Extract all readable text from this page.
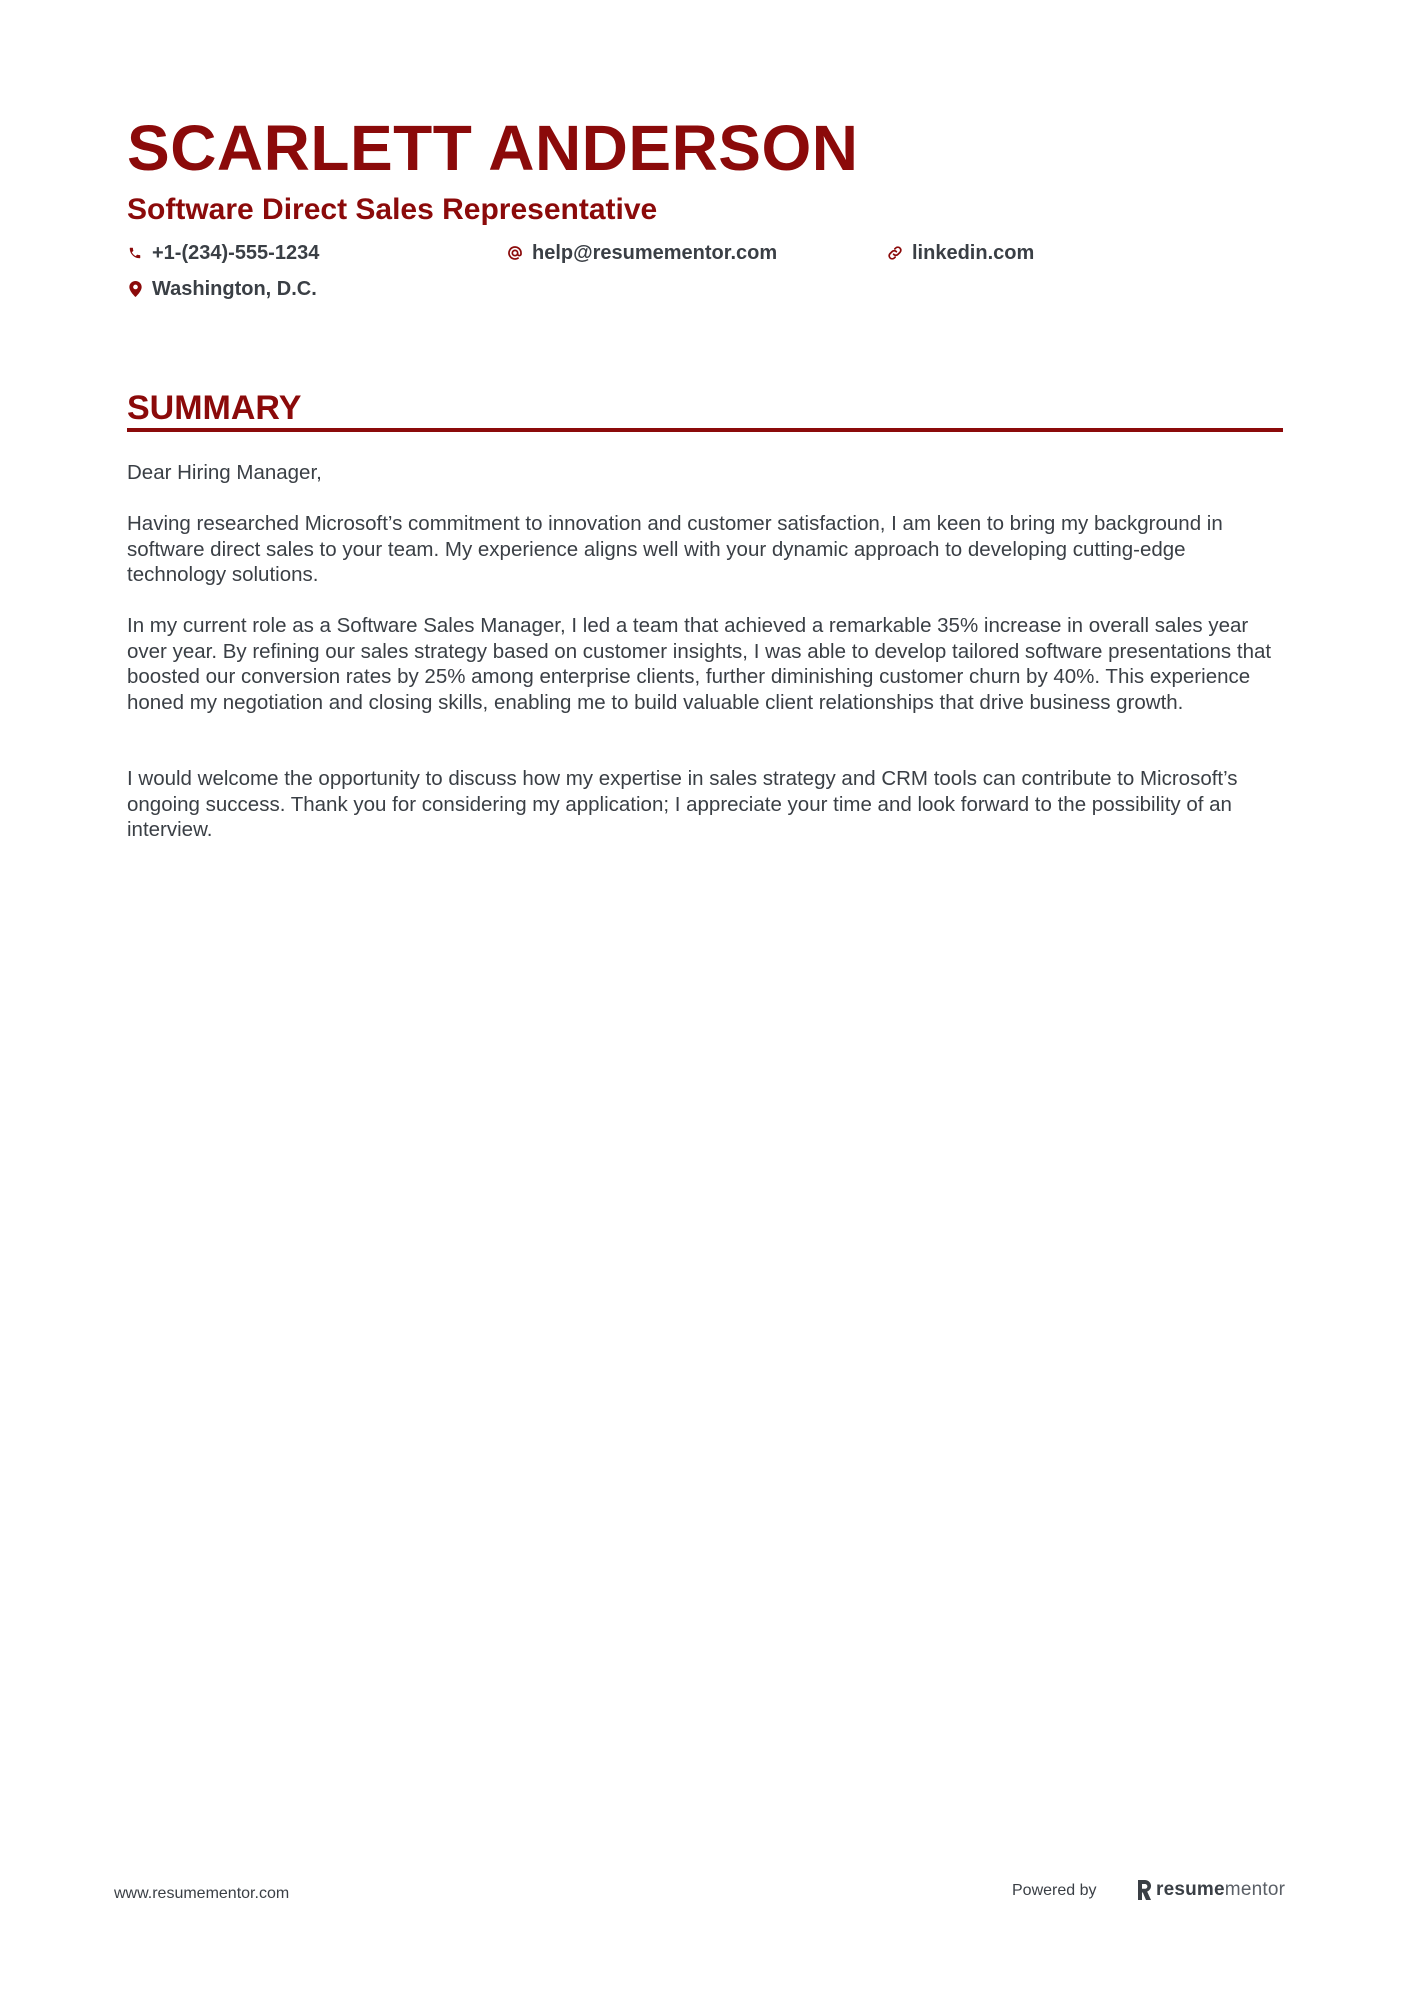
SCARLETT ANDERSON
Software Direct Sales Representative
+1-(234)-555-1234	help@resumementor.com	linkedin.com
Washington, D.C.
SUMMARY

Dear Hiring Manager,

Having researched Microsoft’s commitment to innovation and customer satisfaction, I am keen to bring my background in software direct sales to your team. My experience aligns well with your dynamic approach to developing cutting-edge technology solutions.

In my current role as a Software Sales Manager, I led a team that achieved a remarkable 35% increase in overall sales year over year. By refining our sales strategy based on customer insights, I was able to develop tailored software presentations that boosted our conversion rates by 25% among enterprise clients, further diminishing customer churn by 40%. This experience honed my negotiation and closing skills, enabling me to build valuable client relationships that drive business growth.

I would welcome the opportunity to discuss how my expertise in sales strategy and CRM tools can contribute to Microsoft’s ongoing success. Thank you for considering my application; I appreciate your time and look forward to the possibility of an interview.

www.resumementor.com	Powered by	resumementor
